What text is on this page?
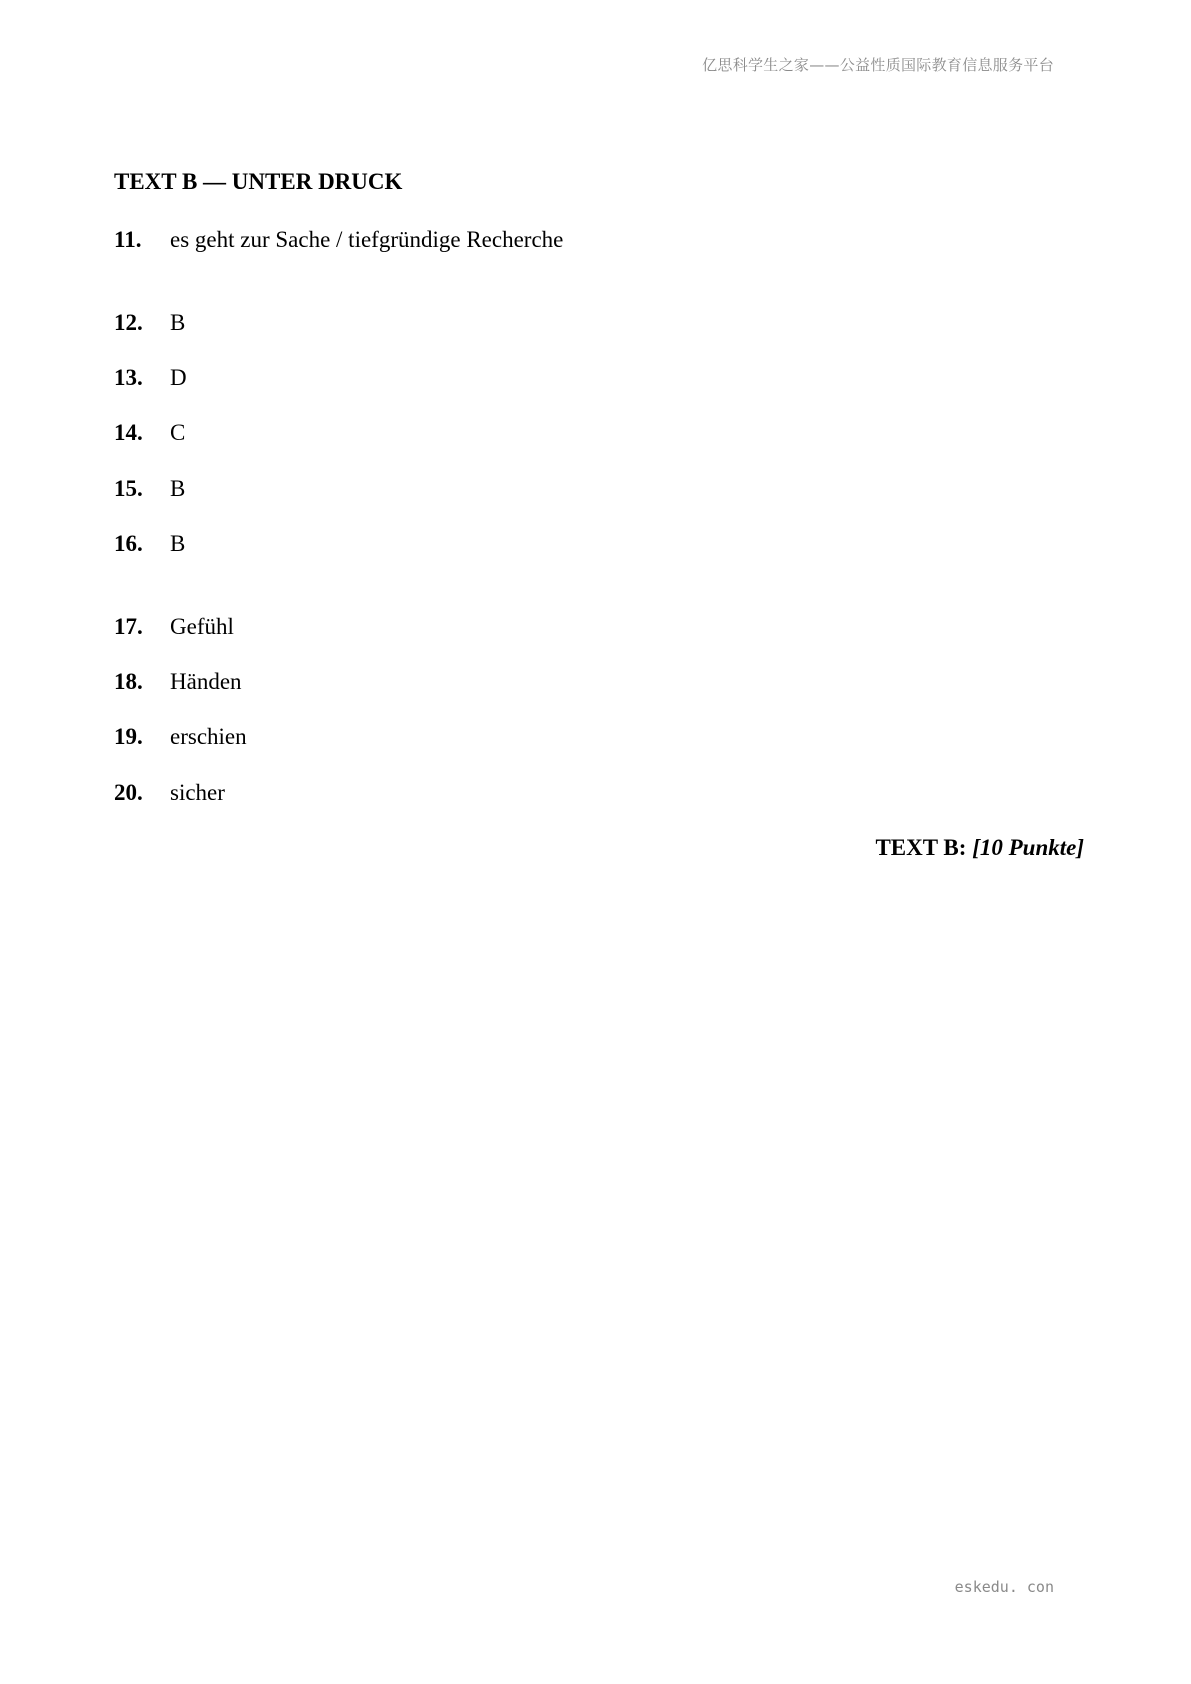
亿思科学生之家——公益性质国际教育信息服务平台
TEXT B — UNTER DRUCK
11. es geht zur Sache / tiefgründige Recherche
12. B
13. D
14. C
15. B
16. B
17. Gefühl
18. Händen
19. erschien
20. sicher
TEXT B: [10 Punkte]
eskedu. con
